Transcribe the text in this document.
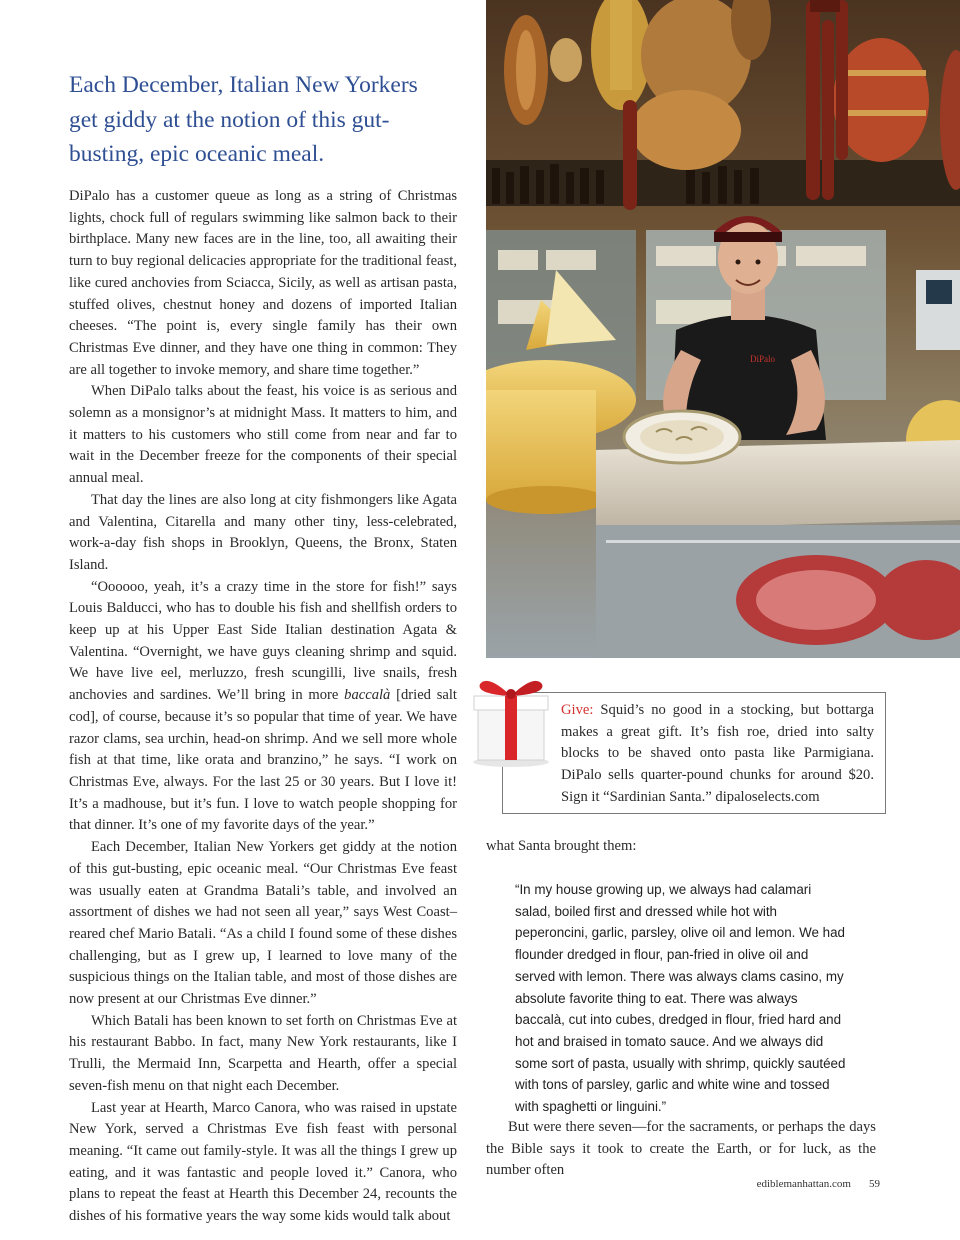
Each December, Italian New Yorkers get giddy at the notion of this gut-busting, epic oceanic meal.

DiPalo has a customer queue as long as a string of Christmas lights, chock full of regulars swimming like salmon back to their birthplace. Many new faces are in the line, too, all awaiting their turn to buy regional delicacies appropriate for the traditional feast, like cured anchovies from Sciacca, Sicily, as well as artisan pasta, stuffed olives, chestnut honey and dozens of imported Italian cheeses. “The point is, every single family has their own Christmas Eve dinner, and they have one thing in common: They are all together to invoke memory, and share time together.”

When DiPalo talks about the feast, his voice is as serious and solemn as a monsignor’s at midnight Mass. It matters to him, and it matters to his customers who still come from near and far to wait in the December freeze for the components of their special annual meal.

That day the lines are also long at city fishmongers like Agata and Valentina, Citarella and many other tiny, less-celebrated, work-a-day fish shops in Brooklyn, Queens, the Bronx, Staten Island.

“Oooooo, yeah, it’s a crazy time in the store for fish!” says Louis Balducci, who has to double his fish and shellfish orders to keep up at his Upper East Side Italian destination Agata & Valentina. “Overnight, we have guys cleaning shrimp and squid. We have live eel, merluzzo, fresh scungilli, live snails, fresh anchovies and sardines. We’ll bring in more baccalà [dried salt cod], of course, because it’s so popular that time of year. We have razor clams, sea urchin, head-on shrimp. And we sell more whole fish at that time, like orata and branzino,” he says. “I work on Christmas Eve, always. For the last 25 or 30 years. But I love it! It’s a madhouse, but it’s fun. I love to watch people shopping for that dinner. It’s one of my favorite days of the year.”

Each December, Italian New Yorkers get giddy at the notion of this gut-busting, epic oceanic meal. “Our Christmas Eve feast was usually eaten at Grandma Batali’s table, and involved an assortment of dishes we had not seen all year,” says West Coast–reared chef Mario Batali. “As a child I found some of these dishes challenging, but as I grew up, I learned to love many of the suspicious things on the Italian table, and most of those dishes are now present at our Christmas Eve dinner.”

Which Batali has been known to set forth on Christmas Eve at his restaurant Babbo. In fact, many New York restaurants, like I Trulli, the Mermaid Inn, Scarpetta and Hearth, offer a special seven-fish menu on that night each December.

Last year at Hearth, Marco Canora, who was raised in upstate New York, served a Christmas Eve fish feast with personal meaning. “It came out family-style. It was all the things I grew up eating, and it was fantastic and people loved it.” Canora, who plans to repeat the feast at Hearth this December 24, recounts the dishes of his formative years the way some kids would talk about

DiPalo

Give: Squid’s no good in a stocking, but bottarga makes a great gift. It’s fish roe, dried into salty blocks to be shaved onto pasta like Parmigiana. DiPalo sells quarter-pound chunks for around $20. Sign it “Sardinian Santa.” dipaloselects.com

what Santa brought them:

“In my house growing up, we always had calamari salad, boiled first and dressed while hot with peperoncini, garlic, parsley, olive oil and lemon. We had flounder dredged in flour, pan-fried in olive oil and served with lemon. There was always clams casino, my absolute favorite thing to eat. There was always baccalà, cut into cubes, dredged in flour, fried hard and hot and braised in tomato sauce. And we always did some sort of pasta, usually with shrimp, quickly sautéed with tons of parsley, garlic and white wine and tossed with spaghetti or linguini.”

But were there seven—for the sacraments, or perhaps the days the Bible says it took to create the Earth, or for luck, as the number often

ediblemanhattan.com 59
